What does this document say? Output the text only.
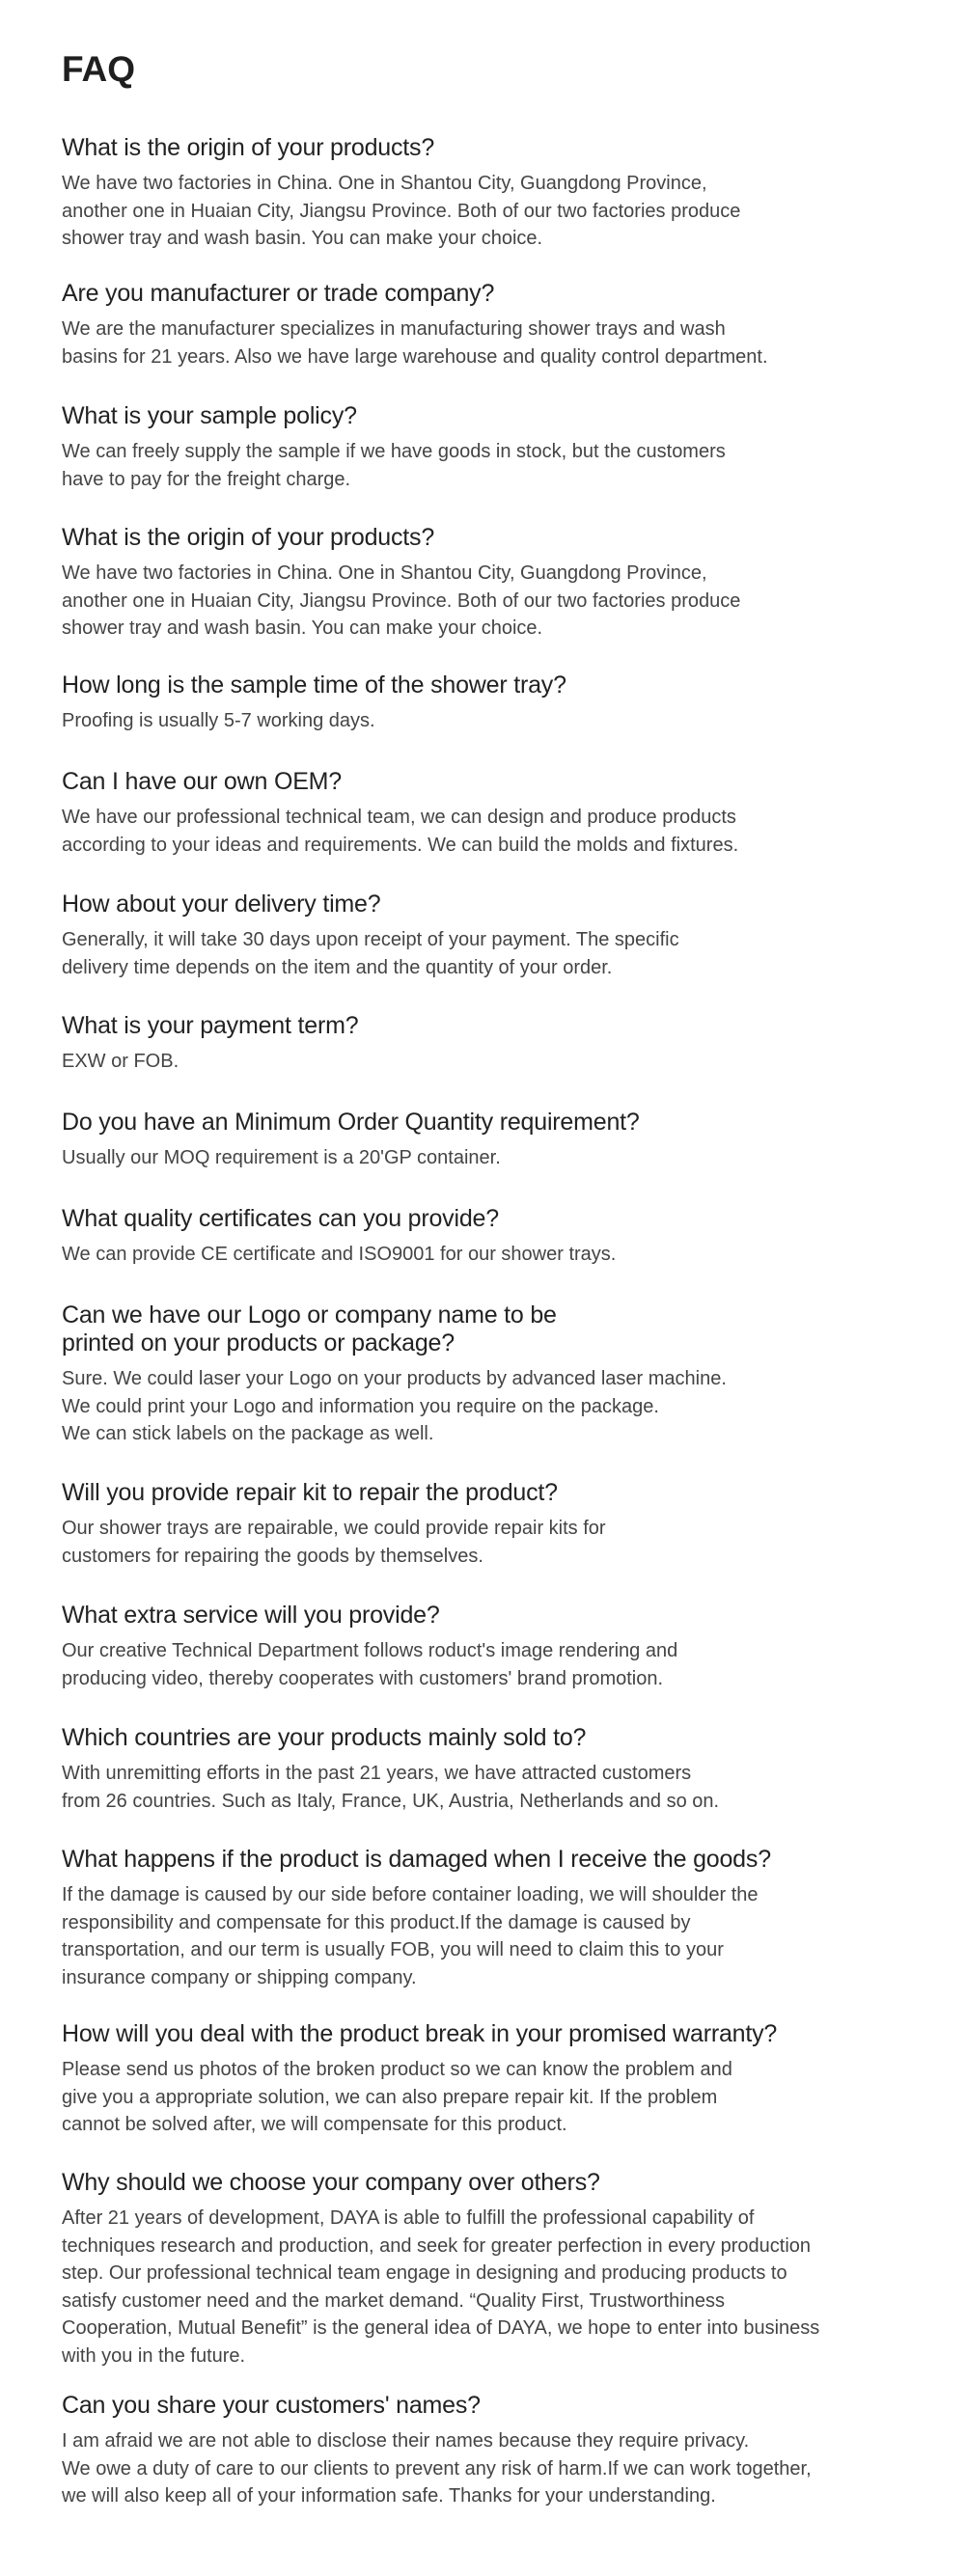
FAQ
What is the origin of your products?

We have two factories in China. One in Shantou City, Guangdong Province,
another one in Huaian City, Jiangsu Province. Both of our two factories produce
shower tray and wash basin. You can make your choice.

Are you manufacturer or trade company?

We are the manufacturer specializes in manufacturing shower trays and wash
basins for 21 years. Also we have large warehouse and quality control department.

What is your sample policy?

We can freely supply the sample if we have goods in stock, but the customers
have to pay for the freight charge.

What is the origin of your products?

We have two factories in China. One in Shantou City, Guangdong Province,
another one in Huaian City, Jiangsu Province. Both of our two factories produce
shower tray and wash basin. You can make your choice.

How long is the sample time of the shower tray?

Proofing is usually 5-7 working days.

Can I have our own OEM?

We have our professional technical team, we can design and produce products
according to your ideas and requirements. We can build the molds and fixtures.

How about your delivery time?

Generally, it will take 30 days upon receipt of your payment. The specific
delivery time depends on the item and the quantity of your order.

What is your payment term?

EXW or FOB.

Do you have an Minimum Order Quantity requirement?

Usually our MOQ requirement is a 20'GP container.

What quality certificates can you provide?

We can provide CE certificate and ISO9001 for our shower trays.

Can we have our Logo or company name to be
printed on your products or package?

Sure. We could laser your Logo on your products by advanced laser machine.
We could print your Logo and information you require on the package.
We can stick labels on the package as well.

Will you provide repair kit to repair the product?

Our shower trays are repairable, we could provide repair kits for
customers for repairing the goods by themselves.

What extra service will you provide?

Our creative Technical Department follows roduct's image rendering and
producing video, thereby cooperates with customers' brand promotion.

Which countries are your products mainly sold to?

With unremitting efforts in the past 21 years, we have attracted customers
from 26 countries. Such as Italy, France, UK, Austria, Netherlands and so on.

What happens if the product is damaged when I receive the goods?

If the damage is caused by our side before container loading, we will shoulder the
responsibility and compensate for this product.If the damage is caused by
transportation, and our term is usually FOB, you will need to claim this to your
insurance company or shipping company.

How will you deal with the product break in your promised warranty?

Please send us photos of the broken product so we can know the problem and
give you a appropriate solution, we can also prepare repair kit. If the problem
cannot be solved after, we will compensate for this product.

Why should we choose your company over others?

After 21 years of development, DAYA is able to fulfill the professional capability of
techniques research and production, and seek for greater perfection in every production
step. Our professional technical team engage in designing and producing products to
satisfy customer need and the market demand. “Quality First, Trustworthiness
Cooperation, Mutual Benefit” is the general idea of DAYA, we hope to enter into business
with you in the future.

Can you share your customers' names?

I am afraid we are not able to disclose their names because they require privacy.
We owe a duty of care to our clients to prevent any risk of harm.If we can work together,
we will also keep all of your information safe. Thanks for your understanding.
